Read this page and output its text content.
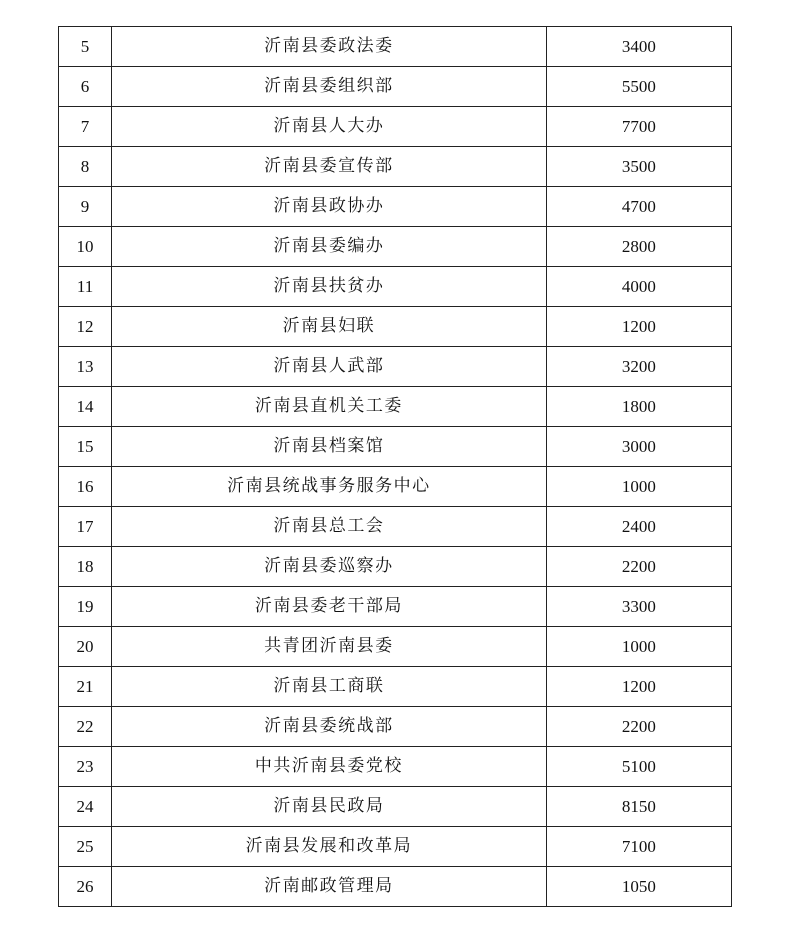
5	沂南县委政法委	3400
6	沂南县委组织部	5500
7	沂南县人大办	7700
8	沂南县委宣传部	3500
9	沂南县政协办	4700
10	沂南县委编办	2800
11	沂南县扶贫办	4000
12	沂南县妇联	1200
13	沂南县人武部	3200
14	沂南县直机关工委	1800
15	沂南县档案馆	3000
16	沂南县统战事务服务中心	1000
17	沂南县总工会	2400
18	沂南县委巡察办	2200
19	沂南县委老干部局	3300
20	共青团沂南县委	1000
21	沂南县工商联	1200
22	沂南县委统战部	2200
23	中共沂南县委党校	5100
24	沂南县民政局	8150
25	沂南县发展和改革局	7100
26	沂南邮政管理局	1050
